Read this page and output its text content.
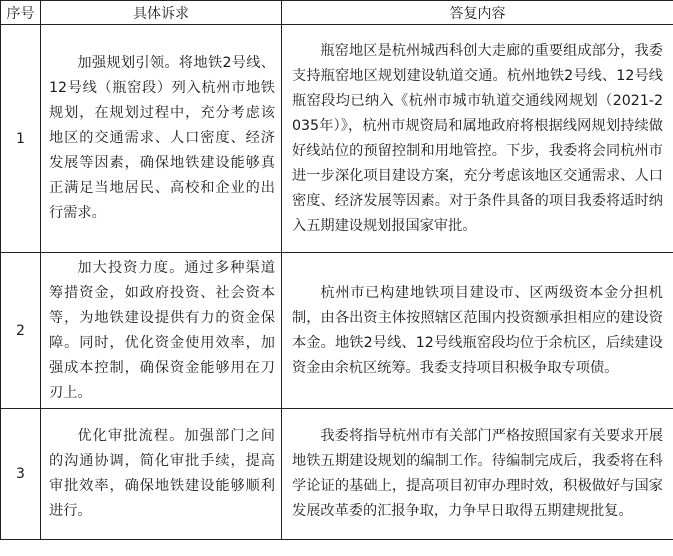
序号	具体诉求	答复内容
1	加强规划引领。将地铁2号线、12号线（瓶窑段）列入杭州市地铁规划，在规划过程中，充分考虑该地区的交通需求、人口密度、经济发展等因素，确保地铁建设能够真正满足当地居民、高校和企业的出行需求。	瓶窑地区是杭州城西科创大走廊的重要组成部分，我委支持瓶窑地区规划建设轨道交通。杭州地铁2号线、12号线瓶窑段均已纳入《杭州市城市轨道交通线网规划（2021-2035年）》，杭州市规资局和属地政府将根据线网规划持续做好线站位的预留控制和用地管控。下步，我委将会同杭州市进一步深化项目建设方案，充分考虑该地区交通需求、人口密度、经济发展等因素。对于条件具备的项目我委将适时纳入五期建设规划报国家审批。

2	加大投资力度。通过多种渠道筹措资金，如政府投资、社会资本等，为地铁建设提供有力的资金保障。同时，优化资金使用效率，加强成本控制，确保资金能够用在刀刃上。	杭州市已构建地铁项目建设市、区两级资本金分担机制，由各出资主体按照辖区范围内投资额承担相应的建设资本金。地铁2号线、12号线瓶窑段均位于余杭区，后续建设资金由余杭区统筹。我委支持项目积极争取专项债。

3	优化审批流程。加强部门之间的沟通协调，简化审批手续，提高审批效率，确保地铁建设能够顺利进行。	我委将指导杭州市有关部门严格按照国家有关要求开展地铁五期建设规划的编制工作。待编制完成后，我委将在科学论证的基础上，提高项目初审办理时效，积极做好与国家发展改革委的汇报争取，力争早日取得五期建规批复。
